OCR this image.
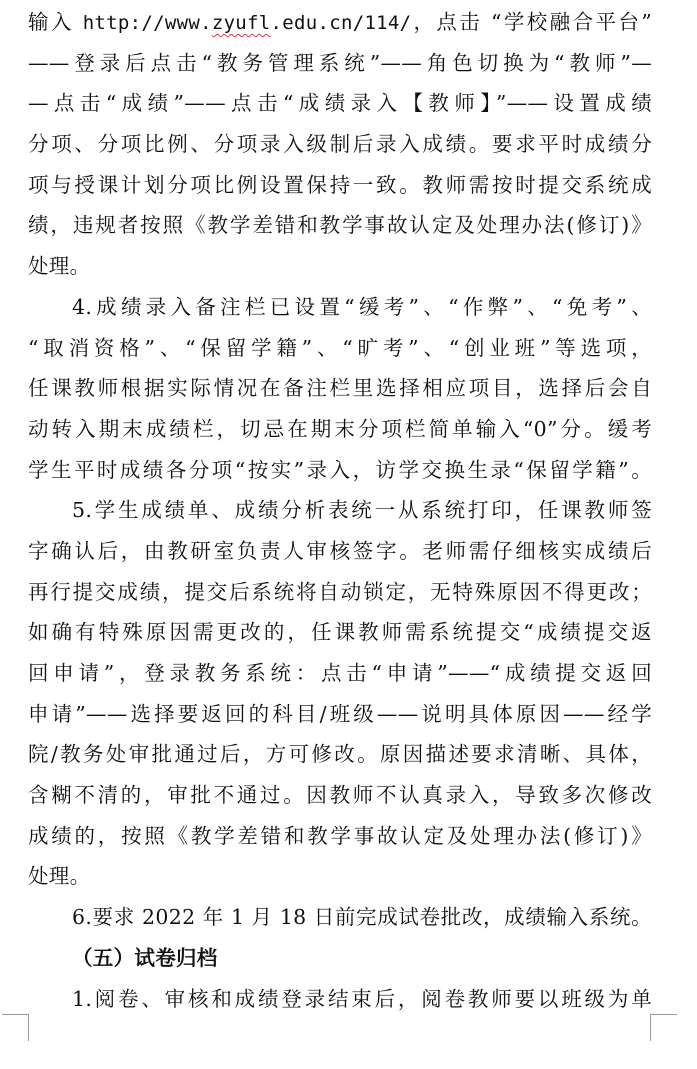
输入 http://www.zyufl.edu.cn/114/，点击 “学校融合平台”
——登录后点击“教务管理系统”——角色切换为“教师”—
—点击“成绩”——点击“成绩录入【教师】”——设置成绩
分项、分项比例、分项录入级制后录入成绩。要求平时成绩分
项与授课计划分项比例设置保持一致。教师需按时提交系统成
绩，违规者按照《教学差错和教学事故认定及处理办法(修订)》
处理。
4.成绩录入备注栏已设置“缓考”、“作弊”、“免考”、
“取消资格”、“保留学籍”、“旷考”、“创业班”等选项，
任课教师根据实际情况在备注栏里选择相应项目，选择后会自
动转入期末成绩栏，切忌在期末分项栏简单输入“0”分。缓考
学生平时成绩各分项“按实”录入，访学交换生录“保留学籍”。
5.学生成绩单、成绩分析表统一从系统打印，任课教师签
字确认后，由教研室负责人审核签字。老师需仔细核实成绩后
再行提交成绩，提交后系统将自动锁定，无特殊原因不得更改；
如确有特殊原因需更改的，任课教师需系统提交“成绩提交返
回申请”，登录教务系统：点击“申请”——“成绩提交返回
申请”——选择要返回的科目/班级——说明具体原因——经学
院/教务处审批通过后，方可修改。原因描述要求清晰、具体，
含糊不清的，审批不通过。因教师不认真录入，导致多次修改
成绩的，按照《教学差错和教学事故认定及处理办法(修订)》
处理。
6.要求 2022 年 1 月 18 日前完成试卷批改，成绩输入系统。
（五）试卷归档
1.阅卷、审核和成绩登录结束后，阅卷教师要以班级为单
